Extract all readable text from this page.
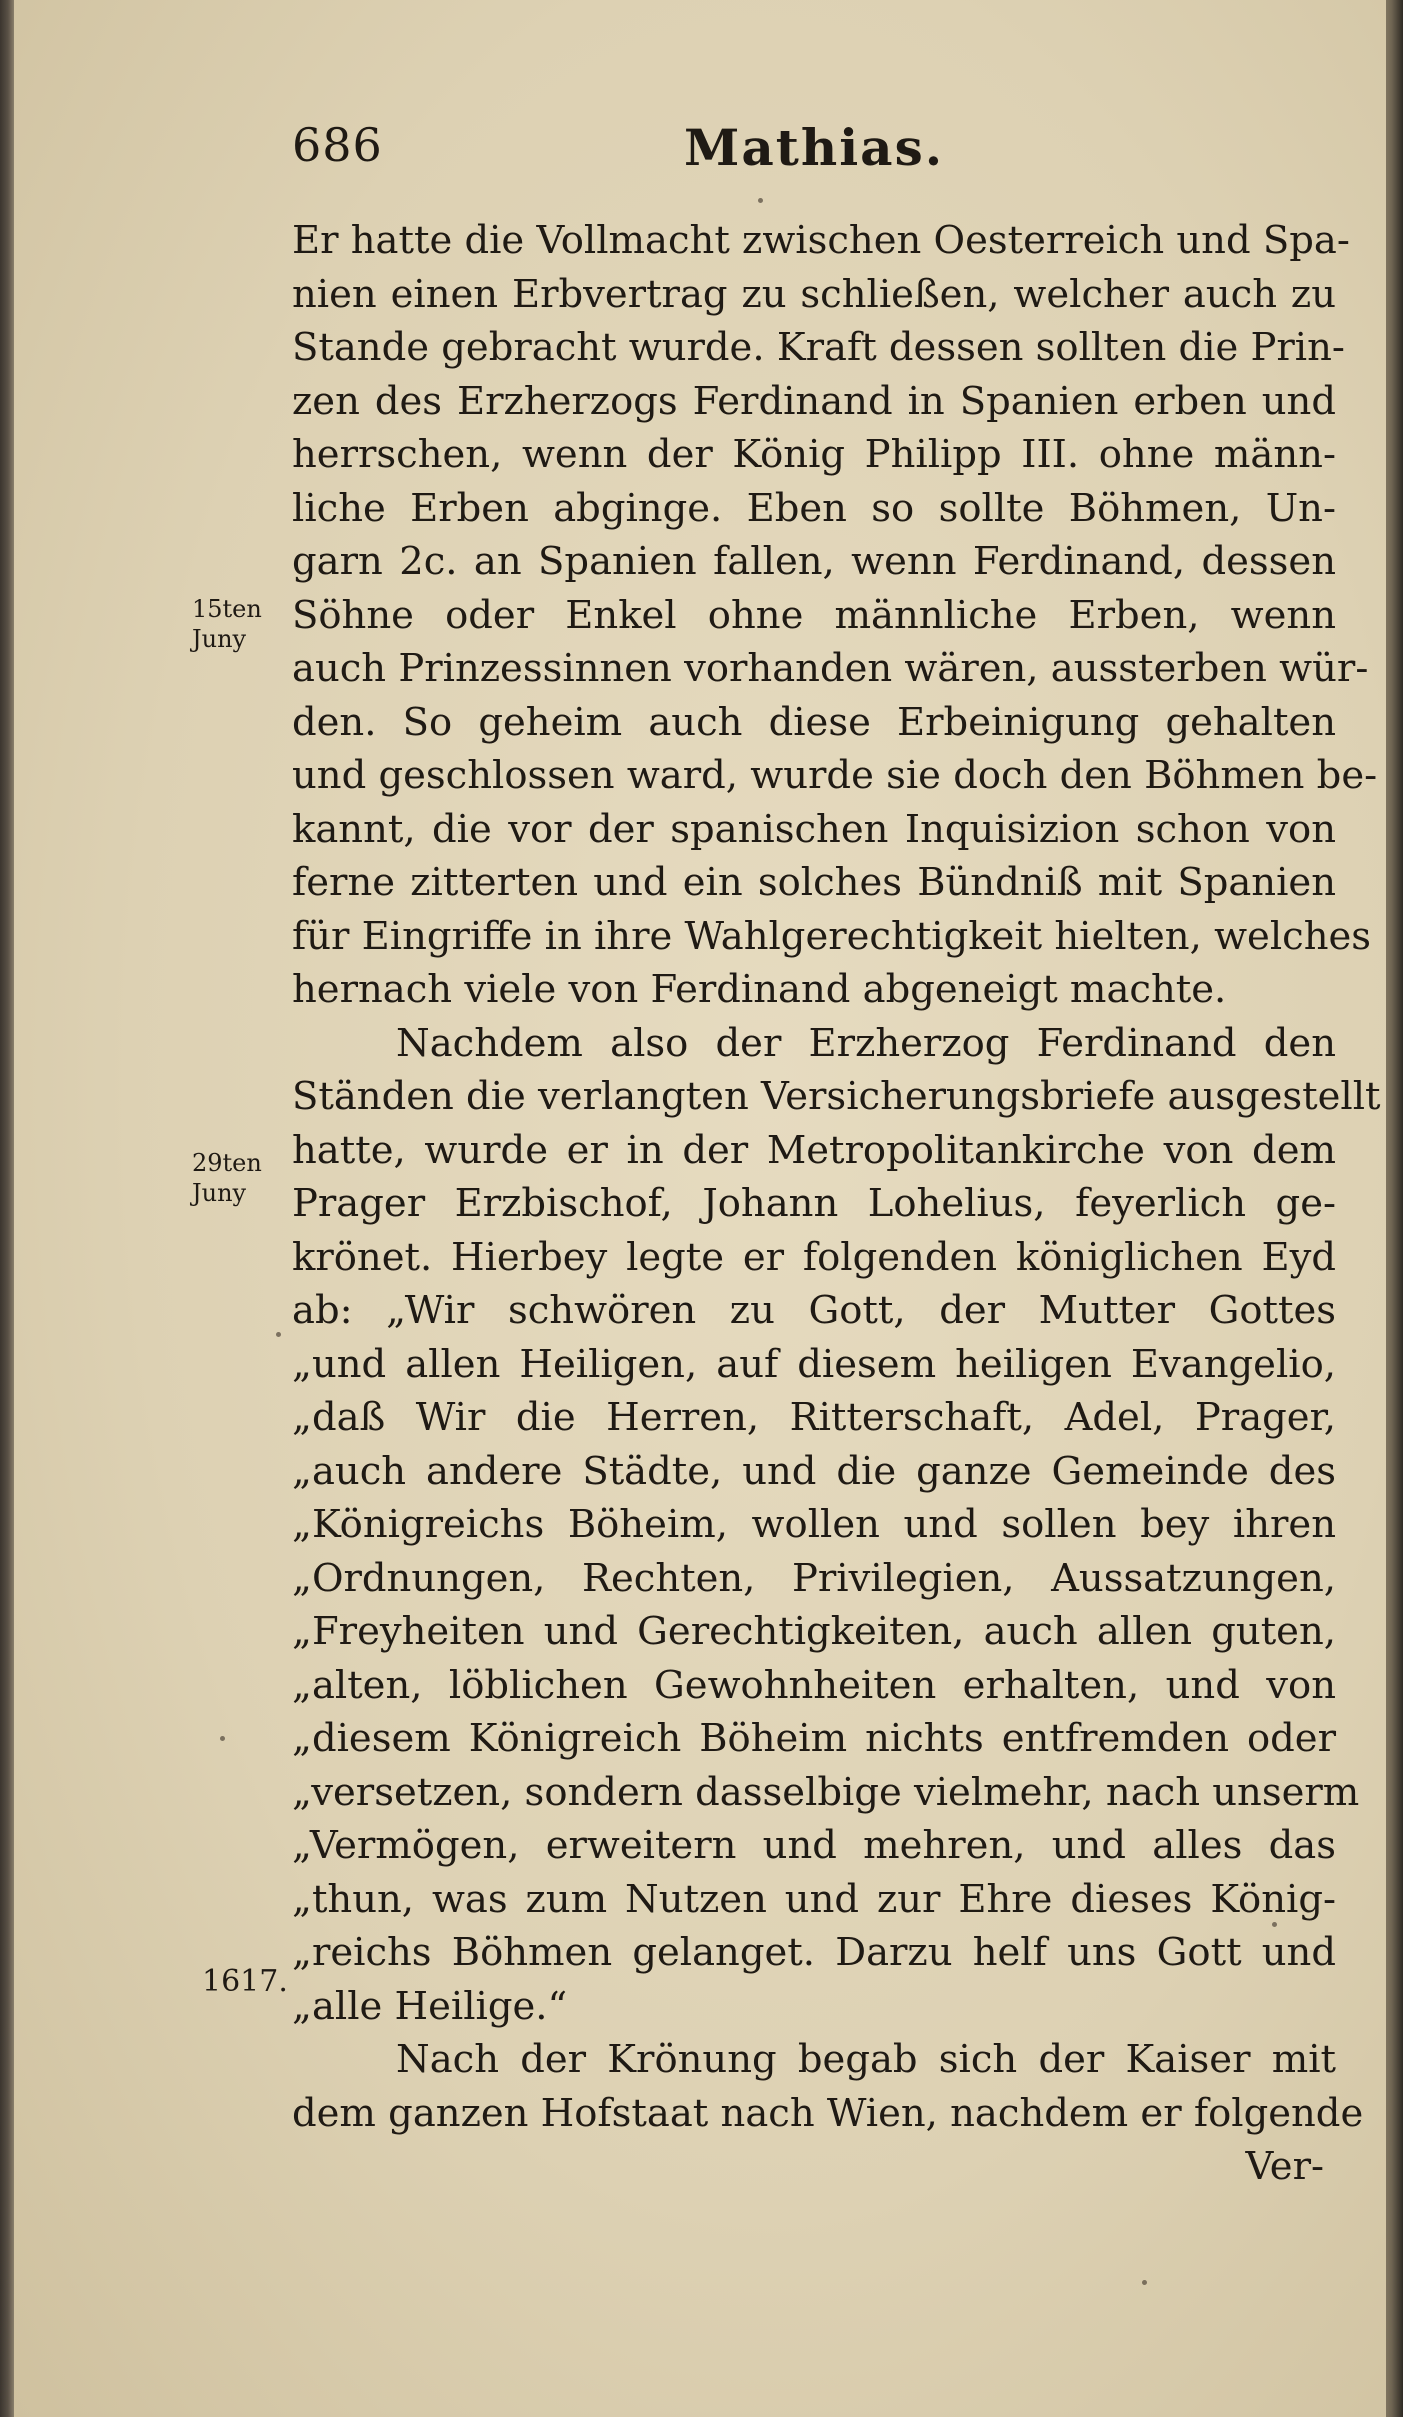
686	Mathias.
15ten
Juny
29ten
Juny
1617.
Er hatte die Vollmacht zwischen Oesterreich und Spa-
nien einen Erbvertrag zu schließen, welcher auch zu
Stande gebracht wurde. Kraft dessen sollten die Prin-
zen des Erzherzogs Ferdinand in Spanien erben und
herrschen, wenn der König Philipp III. ohne männ-
liche Erben abginge. Eben so sollte Böhmen, Un-
garn 2c. an Spanien fallen, wenn Ferdinand, dessen
Söhne oder Enkel ohne männliche Erben, wenn
auch Prinzessinnen vorhanden wären, aussterben wür-
den. So geheim auch diese Erbeinigung gehalten
und geschlossen ward, wurde sie doch den Böhmen be-
kannt, die vor der spanischen Inquisizion schon von
ferne zitterten und ein solches Bündniß mit Spanien
für Eingriffe in ihre Wahlgerechtigkeit hielten, welches
hernach viele von Ferdinand abgeneigt machte.
Nachdem also der Erzherzog Ferdinand den
Ständen die verlangten Versicherungsbriefe ausgestellt
hatte, wurde er in der Metropolitankirche von dem
Prager Erzbischof, Johann Lohelius, feyerlich ge-
krönet. Hierbey legte er folgenden königlichen Eyd
ab: „Wir schwören zu Gott, der Mutter Gottes
„und allen Heiligen, auf diesem heiligen Evangelio,
„daß Wir die Herren, Ritterschaft, Adel, Prager,
„auch andere Städte, und die ganze Gemeinde des
„Königreichs Böheim, wollen und sollen bey ihren
„Ordnungen, Rechten, Privilegien, Aussatzungen,
„Freyheiten und Gerechtigkeiten, auch allen guten,
„alten, löblichen Gewohnheiten erhalten, und von
„diesem Königreich Böheim nichts entfremden oder
„versetzen, sondern dasselbige vielmehr, nach unserm
„Vermögen, erweitern und mehren, und alles das
„thun, was zum Nutzen und zur Ehre dieses König-
„reichs Böhmen gelanget. Darzu helf uns Gott und
„alle Heilige.“
Nach der Krönung begab sich der Kaiser mit
dem ganzen Hofstaat nach Wien, nachdem er folgende
Ver-
